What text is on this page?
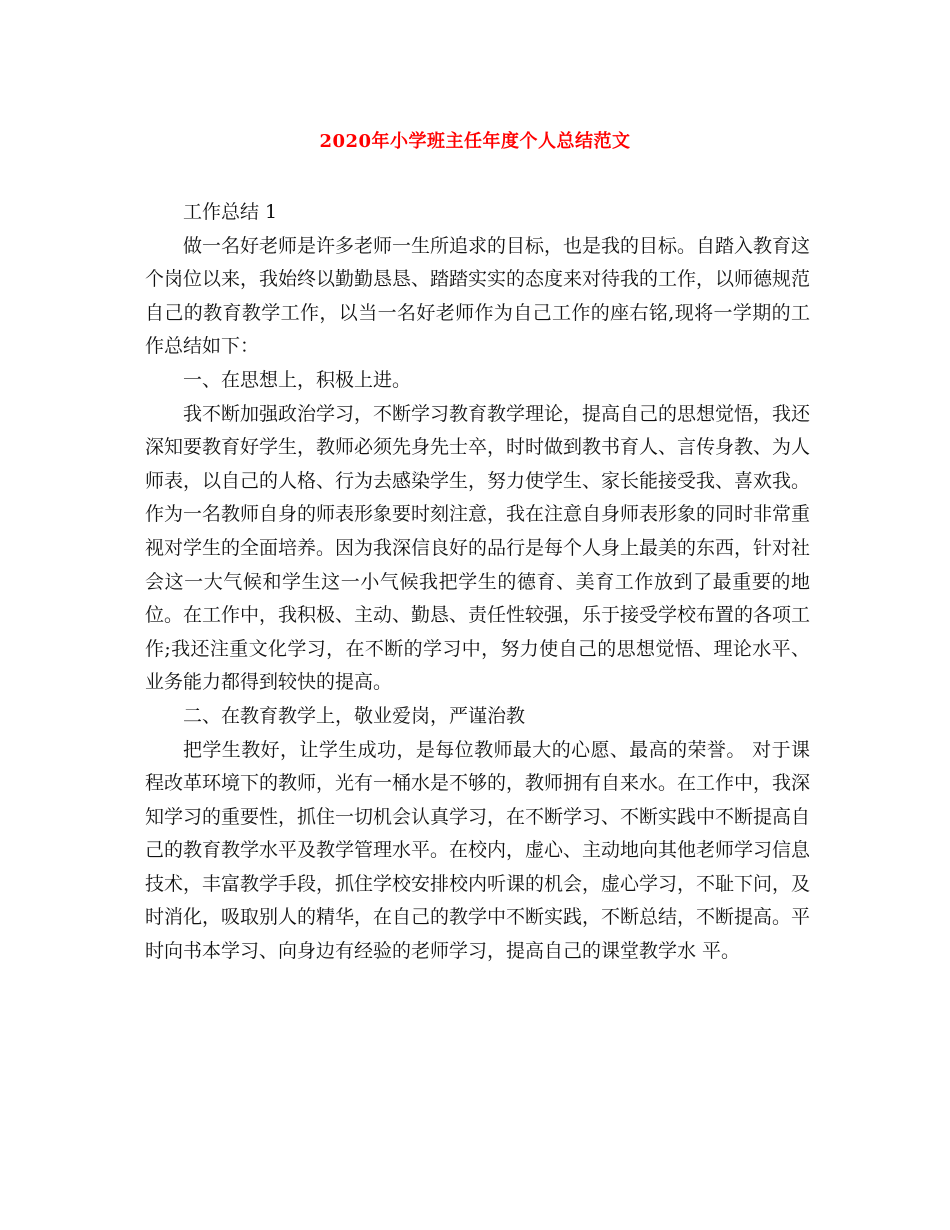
2020年小学班主任年度个人总结范文

工作总结 1

做一名好老师是许多老师一生所追求的目标，也是我的目标。自踏入教育这个岗位以来，我始终以勤勤恳恳、踏踏实实的态度来对待我的工作，以师德规范自己的教育教学工作，以当一名好老师作为自己工作的座右铭,现将一学期的工作总结如下：

一、在思想上，积极上进。

我不断加强政治学习，不断学习教育教学理论，提高自己的思想觉悟，我还深知要教育好学生，教师必须先身先士卒，时时做到教书育人、言传身教、为人师表，以自己的人格、行为去感染学生，努力使学生、家长能接受我、喜欢我。作为一名教师自身的师表形象要时刻注意，我在注意自身师表形象的同时非常重视对学生的全面培养。因为我深信良好的品行是每个人身上最美的东西，针对社会这一大气候和学生这一小气候我把学生的德育、美育工作放到了最重要的地位。在工作中，我积极、主动、勤恳、责任性较强，乐于接受学校布置的各项工作;我还注重文化学习，在不断的学习中，努力使自己的思想觉悟、理论水平、业务能力都得到较快的提高。

二、在教育教学上，敬业爱岗，严谨治教

把学生教好，让学生成功，是每位教师最大的心愿、最高的荣誉。 对于课程改革环境下的教师，光有一桶水是不够的，教师拥有自来水。在工作中，我深知学习的重要性，抓住一切机会认真学习，在不断学习、不断实践中不断提高自己的教育教学水平及教学管理水平。在校内，虚心、主动地向其他老师学习信息技术，丰富教学手段，抓住学校安排校内听课的机会，虚心学习，不耻下问，及时消化，吸取别人的精华，在自己的教学中不断实践，不断总结，不断提高。平时向书本学习、向身边有经验的老师学习，提高自己的课堂教学水 平。
